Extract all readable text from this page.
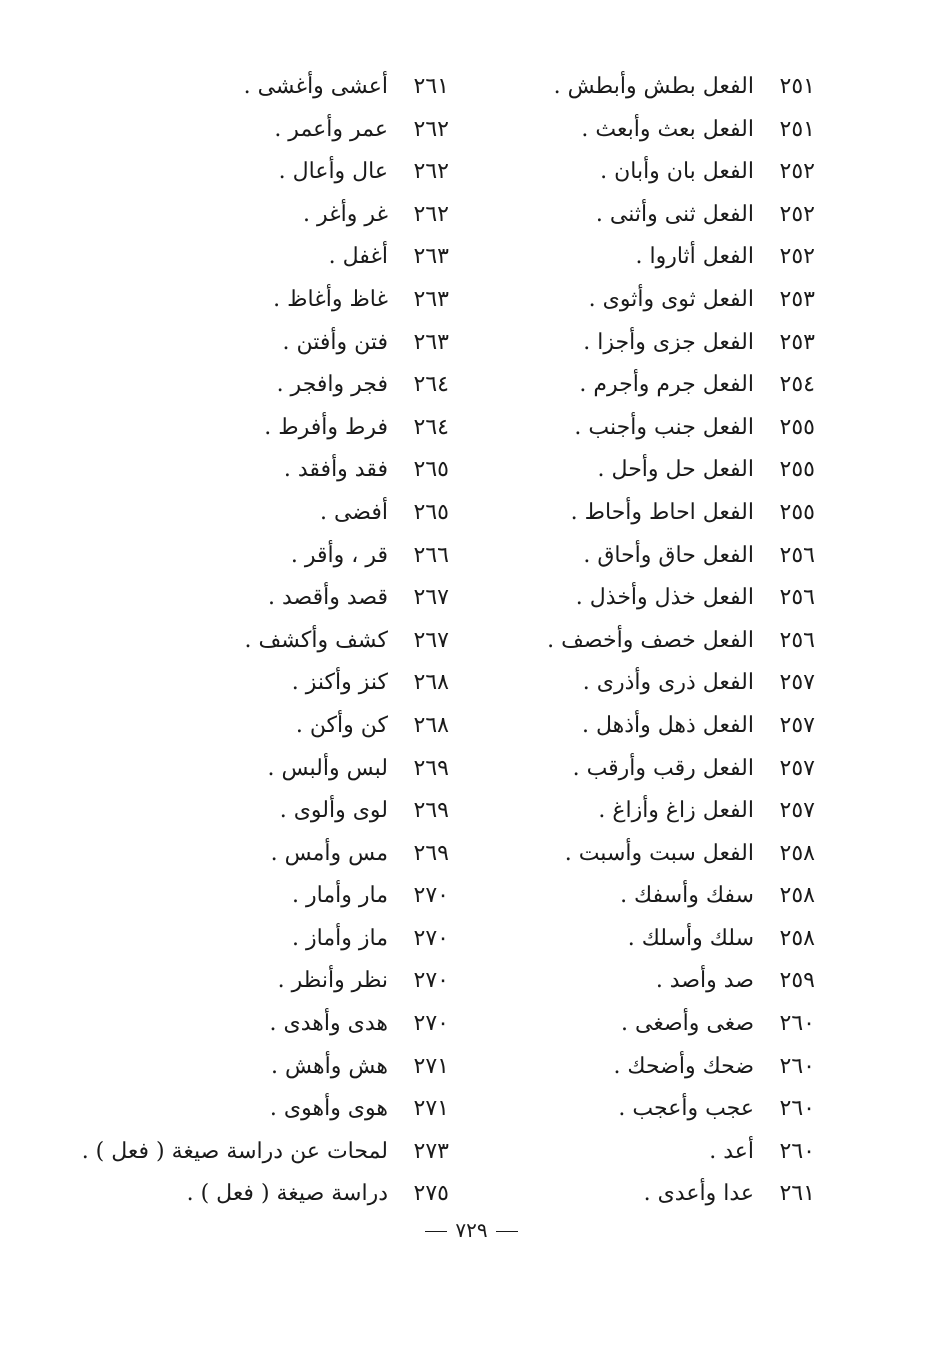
٢٥١ الفعل بطش وأبطش .
٢٥١ الفعل بعث وأبعث .
٢٥٢ الفعل بان وأبان .
٢٥٢ الفعل ثنى وأثنى .
٢٥٢ الفعل أثاروا .
٢٥٣ الفعل ثوى وأثوى .
٢٥٣ الفعل جزى وأجزا .
٢٥٤ الفعل جرم وأجرم .
٢٥٥ الفعل جنب وأجنب .
٢٥٥ الفعل حل وأحل .
٢٥٥ الفعل احاط وأحاط .
٢٥٦ الفعل حاق وأحاق .
٢٥٦ الفعل خذل وأخذل .
٢٥٦ الفعل خصف وأخصف .
٢٥٧ الفعل ذرى وأذرى .
٢٥٧ الفعل ذهل وأذهل .
٢٥٧ الفعل رقب وأرقب .
٢٥٧ الفعل زاغ وأزاغ .
٢٥٨ الفعل سبت وأسبت .
٢٥٨ سفك وأسفك .
٢٥٨ سلك وأسلك .
٢٥٩ صد وأصد .
٢٦٠ صغى وأصغى .
٢٦٠ ضحك وأضحك .
٢٦٠ عجب وأعجب .
٢٦٠ أعد .
٢٦١ عدا وأعدى .
٢٦١ أعشى وأغشى .
٢٦٢ عمر وأعمر .
٢٦٢ عال وأعال .
٢٦٢ غر وأغر .
٢٦٣ أغفل .
٢٦٣ غاظ وأغاظ .
٢٦٣ فتن وأفتن .
٢٦٤ فجر وافجر .
٢٦٤ فرط وأفرط .
٢٦٥ فقد وأفقد .
٢٦٥ أفضى .
٢٦٦ قر ، وأقر .
٢٦٧ قصد وأقصد .
٢٦٧ كشف وأكشف .
٢٦٨ كنز وأكنز .
٢٦٨ كن وأكن .
٢٦٩ لبس وألبس .
٢٦٩ لوى وألوى .
٢٦٩ مس وأمس .
٢٧٠ مار وأمار .
٢٧٠ ماز وأماز .
٢٧٠ نظر وأنظر .
٢٧٠ هدى وأهدى .
٢٧١ هش وأهش .
٢٧١ هوى وأهوى .
٢٧٣ لمحات عن دراسة صيغة ( فعل ) .
٢٧٥ دراسة صيغة ( فعل ) .
٧٢٩
